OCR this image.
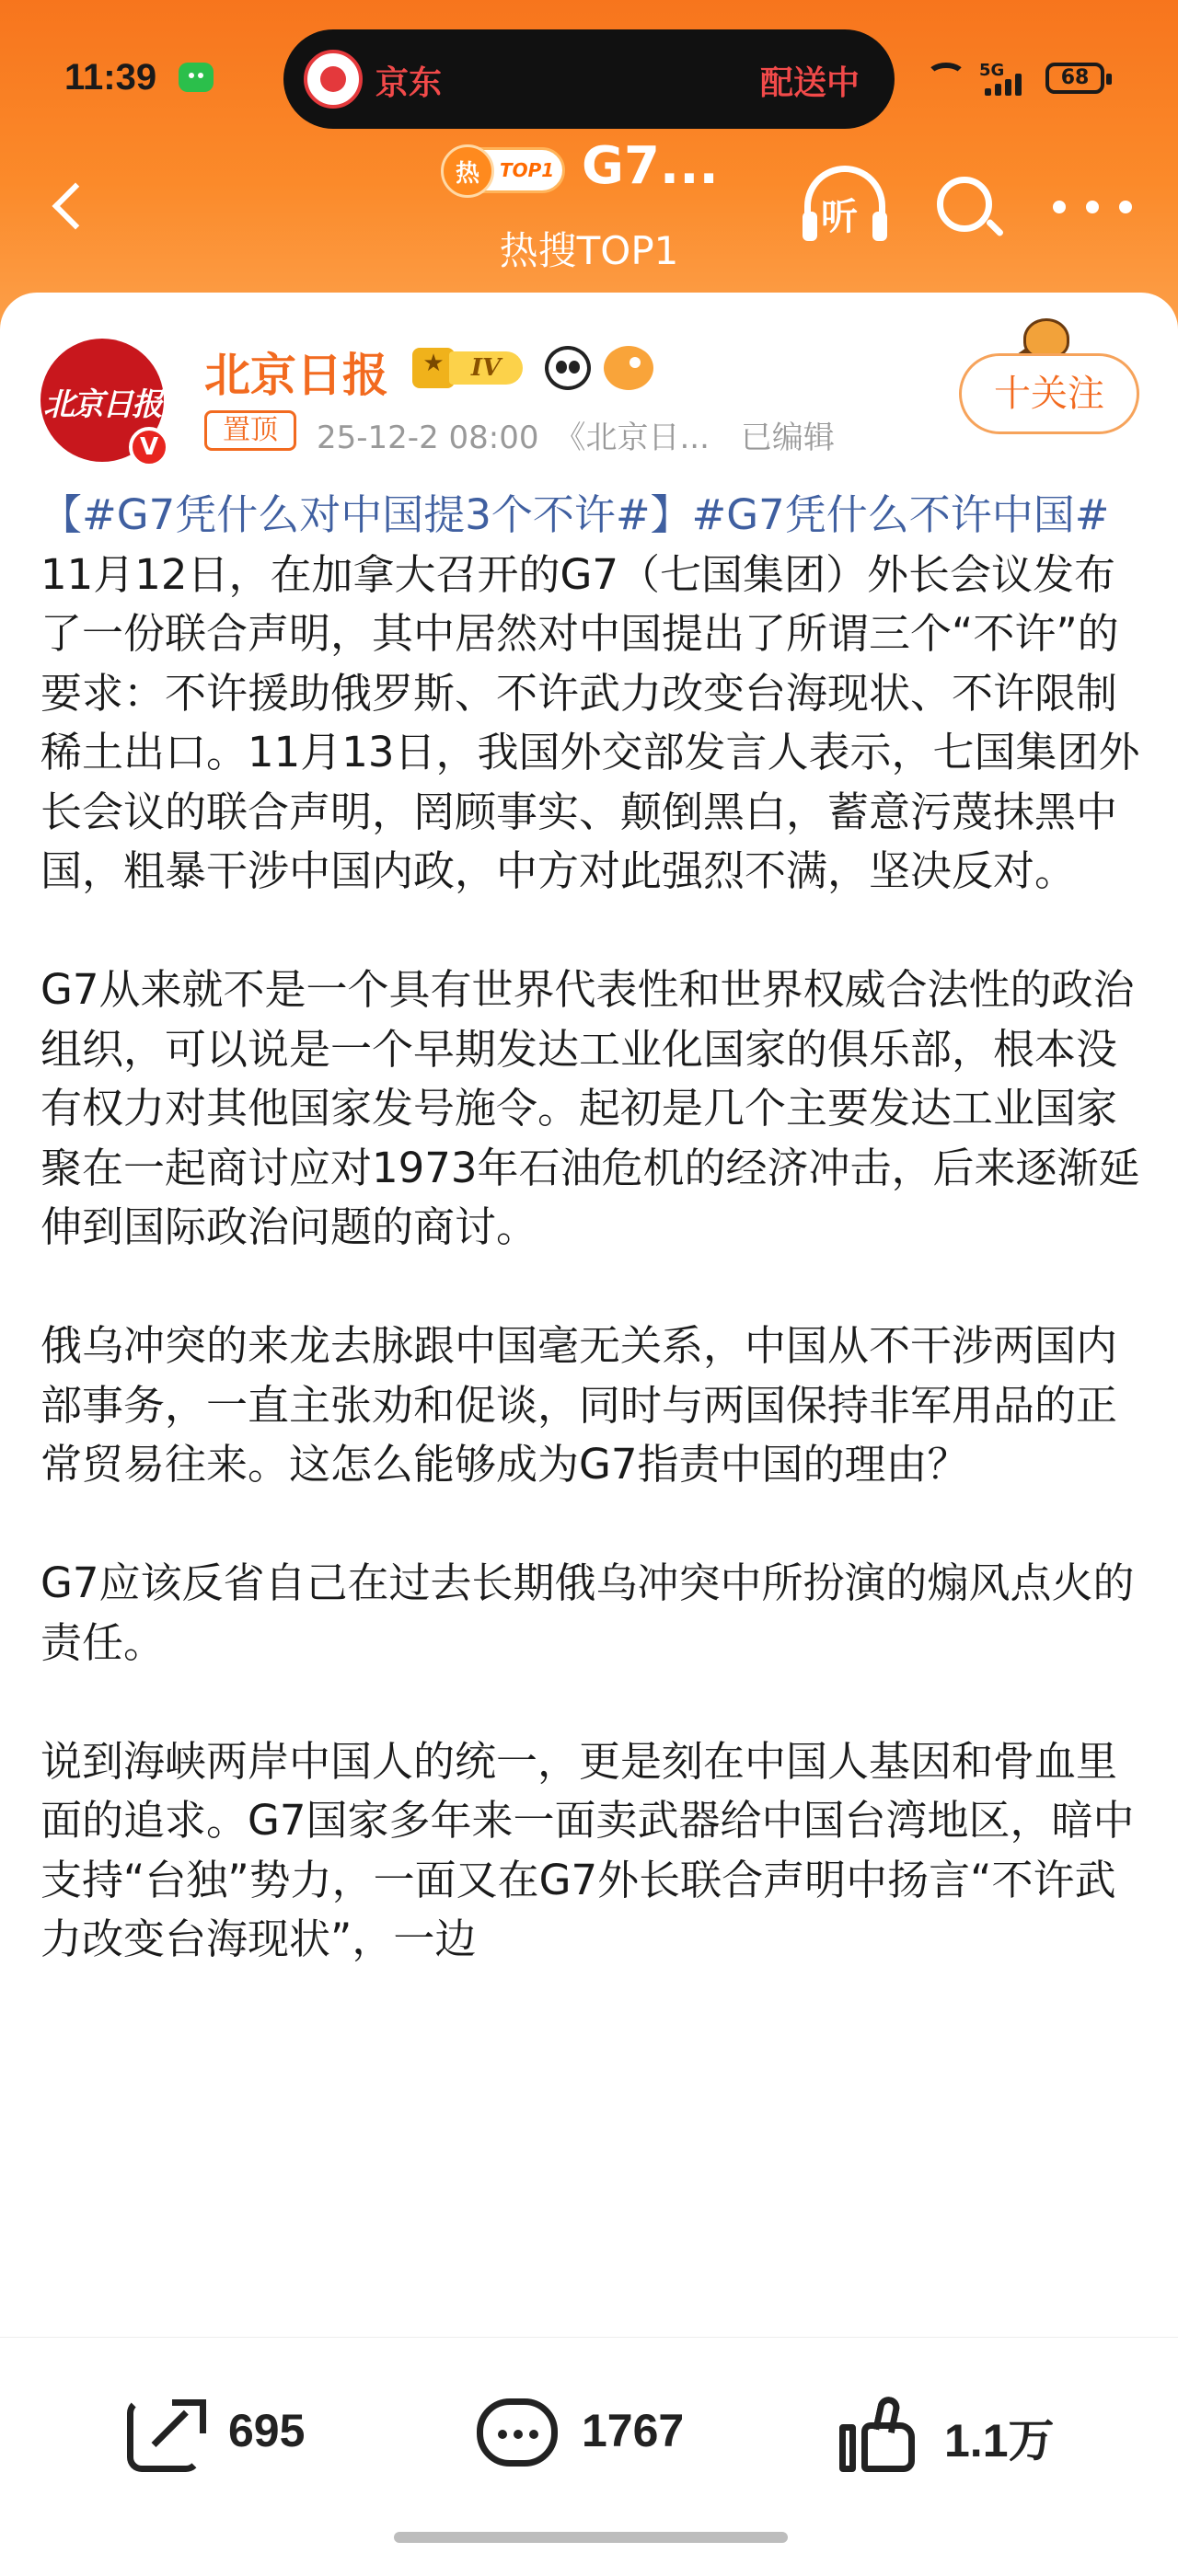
11:39	京东	配送中	5G	68
热	TOP1 G7...
热搜TOP1
听
北京日报
V
北京日报
★	IV
置顶	25-12-2 08:00　《北京日...　已编辑
十关注

【#G7凭什么对中国提3个不许#】#G7凭什么不许中国# 11月12日，在加拿大召开的G7（七国集团）外长会议发布了一份联合声明，其中居然对中国提出了所谓三个“不许”的要求：不许援助俄罗斯、不许武力改变台海现状、不许限制稀土出口。11月13日，我国外交部发言人表示，七国集团外长会议的联合声明，罔顾事实、颠倒黑白，蓄意污蔑抹黑中国，粗暴干涉中国内政，中方对此强烈不满，坚决反对。

G7从来就不是一个具有世界代表性和世界权威合法性的政治组织，可以说是一个早期发达工业化国家的俱乐部，根本没有权力对其他国家发号施令。起初是几个主要发达工业国家聚在一起商讨应对1973年石油危机的经济冲击，后来逐渐延伸到国际政治问题的商讨。

俄乌冲突的来龙去脉跟中国毫无关系，中国从不干涉两国内部事务，一直主张劝和促谈，同时与两国保持非军用品的正常贸易往来。这怎么能够成为G7指责中国的理由？

G7应该反省自己在过去长期俄乌冲突中所扮演的煽风点火的责任。

说到海峡两岸中国人的统一，更是刻在中国人基因和骨血里面的追求。G7国家多年来一面卖武器给中国台湾地区，暗中支持“台独”势力，一面又在G7外长联合声明中扬言“不许武力改变台海现状”，一边

695	1767	1.1万
